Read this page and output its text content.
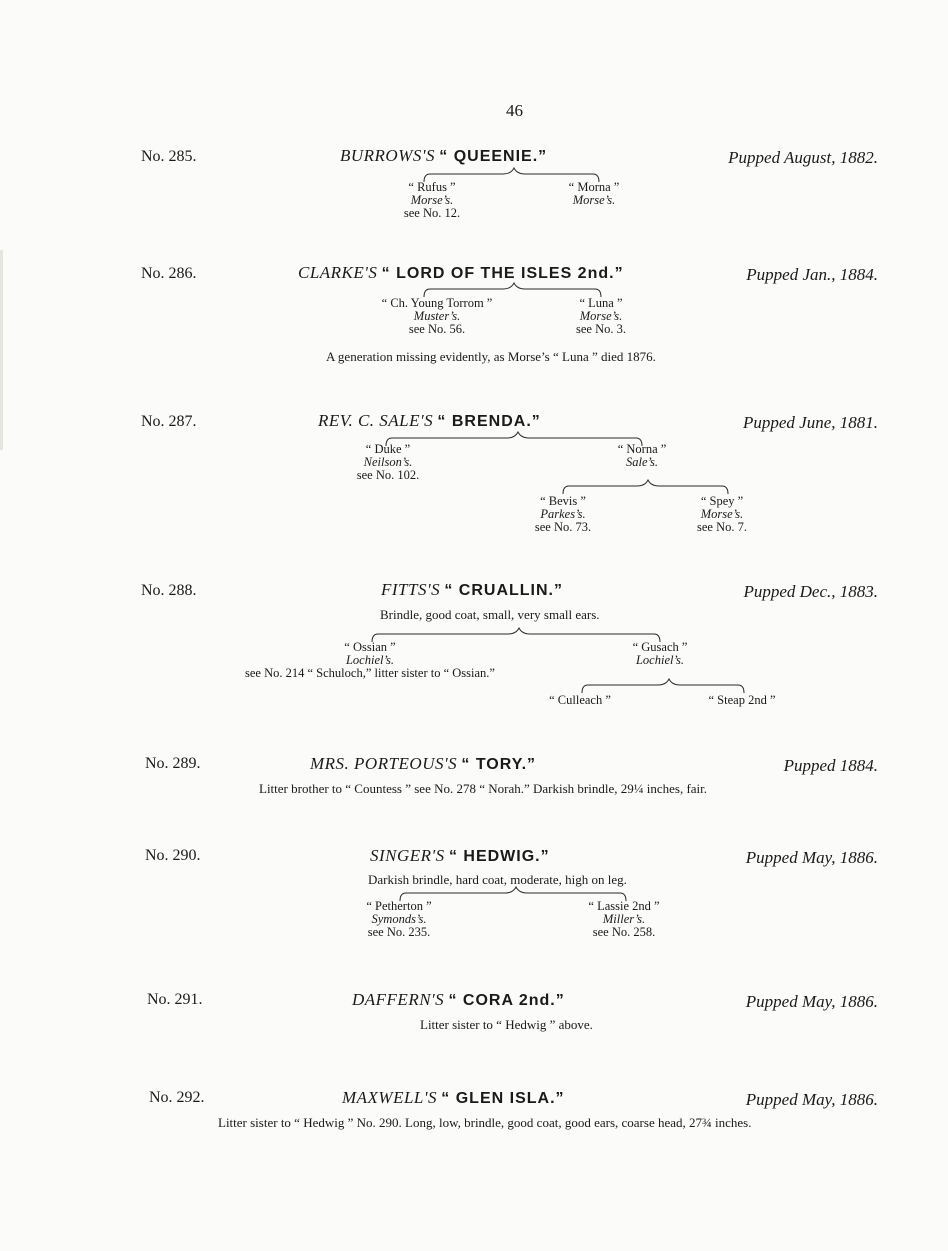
46
No. 285.	BURROWS'S “ QUEENIE.”	Pupped August, 1882.
“ Rufus ”
Morse’s.
see No. 12.
“ Morna ”
Morse’s.
No. 286.	CLARKE'S “ LORD OF THE ISLES 2nd.”	Pupped Jan., 1884.
“ Ch. Young Torrom ”
Muster’s.
see No. 56.
“ Luna ”
Morse’s.
see No. 3.
A generation missing evidently, as Morse’s “ Luna ” died 1876.
No. 287.	REV. C. SALE'S “ BRENDA.”	Pupped June, 1881.
“ Duke ”
Neilson’s.
see No. 102.
“ Norna ”
Sale’s.
“ Bevis ”
Parkes’s.
see No. 73.
“ Spey ”
Morse’s.
see No. 7.
No. 288.	FITTS'S “ CRUALLIN.”	Pupped Dec., 1883.
Brindle, good coat, small, very small ears.
“ Ossian ”
Lochiel’s.
see No. 214 “ Schuloch,” litter sister to “ Ossian.”
“ Gusach ”
Lochiel’s.
“ Culleach ”	“ Steap 2nd ”
No. 289.	MRS. PORTEOUS'S “ TORY.”	Pupped 1884.
Litter brother to “ Countess ” see No. 278 “ Norah.” Darkish brindle, 29¼ inches, fair.
No. 290.	SINGER'S “ HEDWIG.”	Pupped May, 1886.
Darkish brindle, hard coat, moderate, high on leg.
“ Petherton ”
Symonds’s.
see No. 235.
“ Lassie 2nd ”
Miller’s.
see No. 258.
No. 291.	DAFFERN'S “ CORA 2nd.”	Pupped May, 1886.
Litter sister to “ Hedwig ” above.
No. 292.	MAXWELL'S “ GLEN ISLA.”	Pupped May, 1886.
Litter sister to “ Hedwig ” No. 290. Long, low, brindle, good coat, good ears, coarse head, 27¾ inches.
